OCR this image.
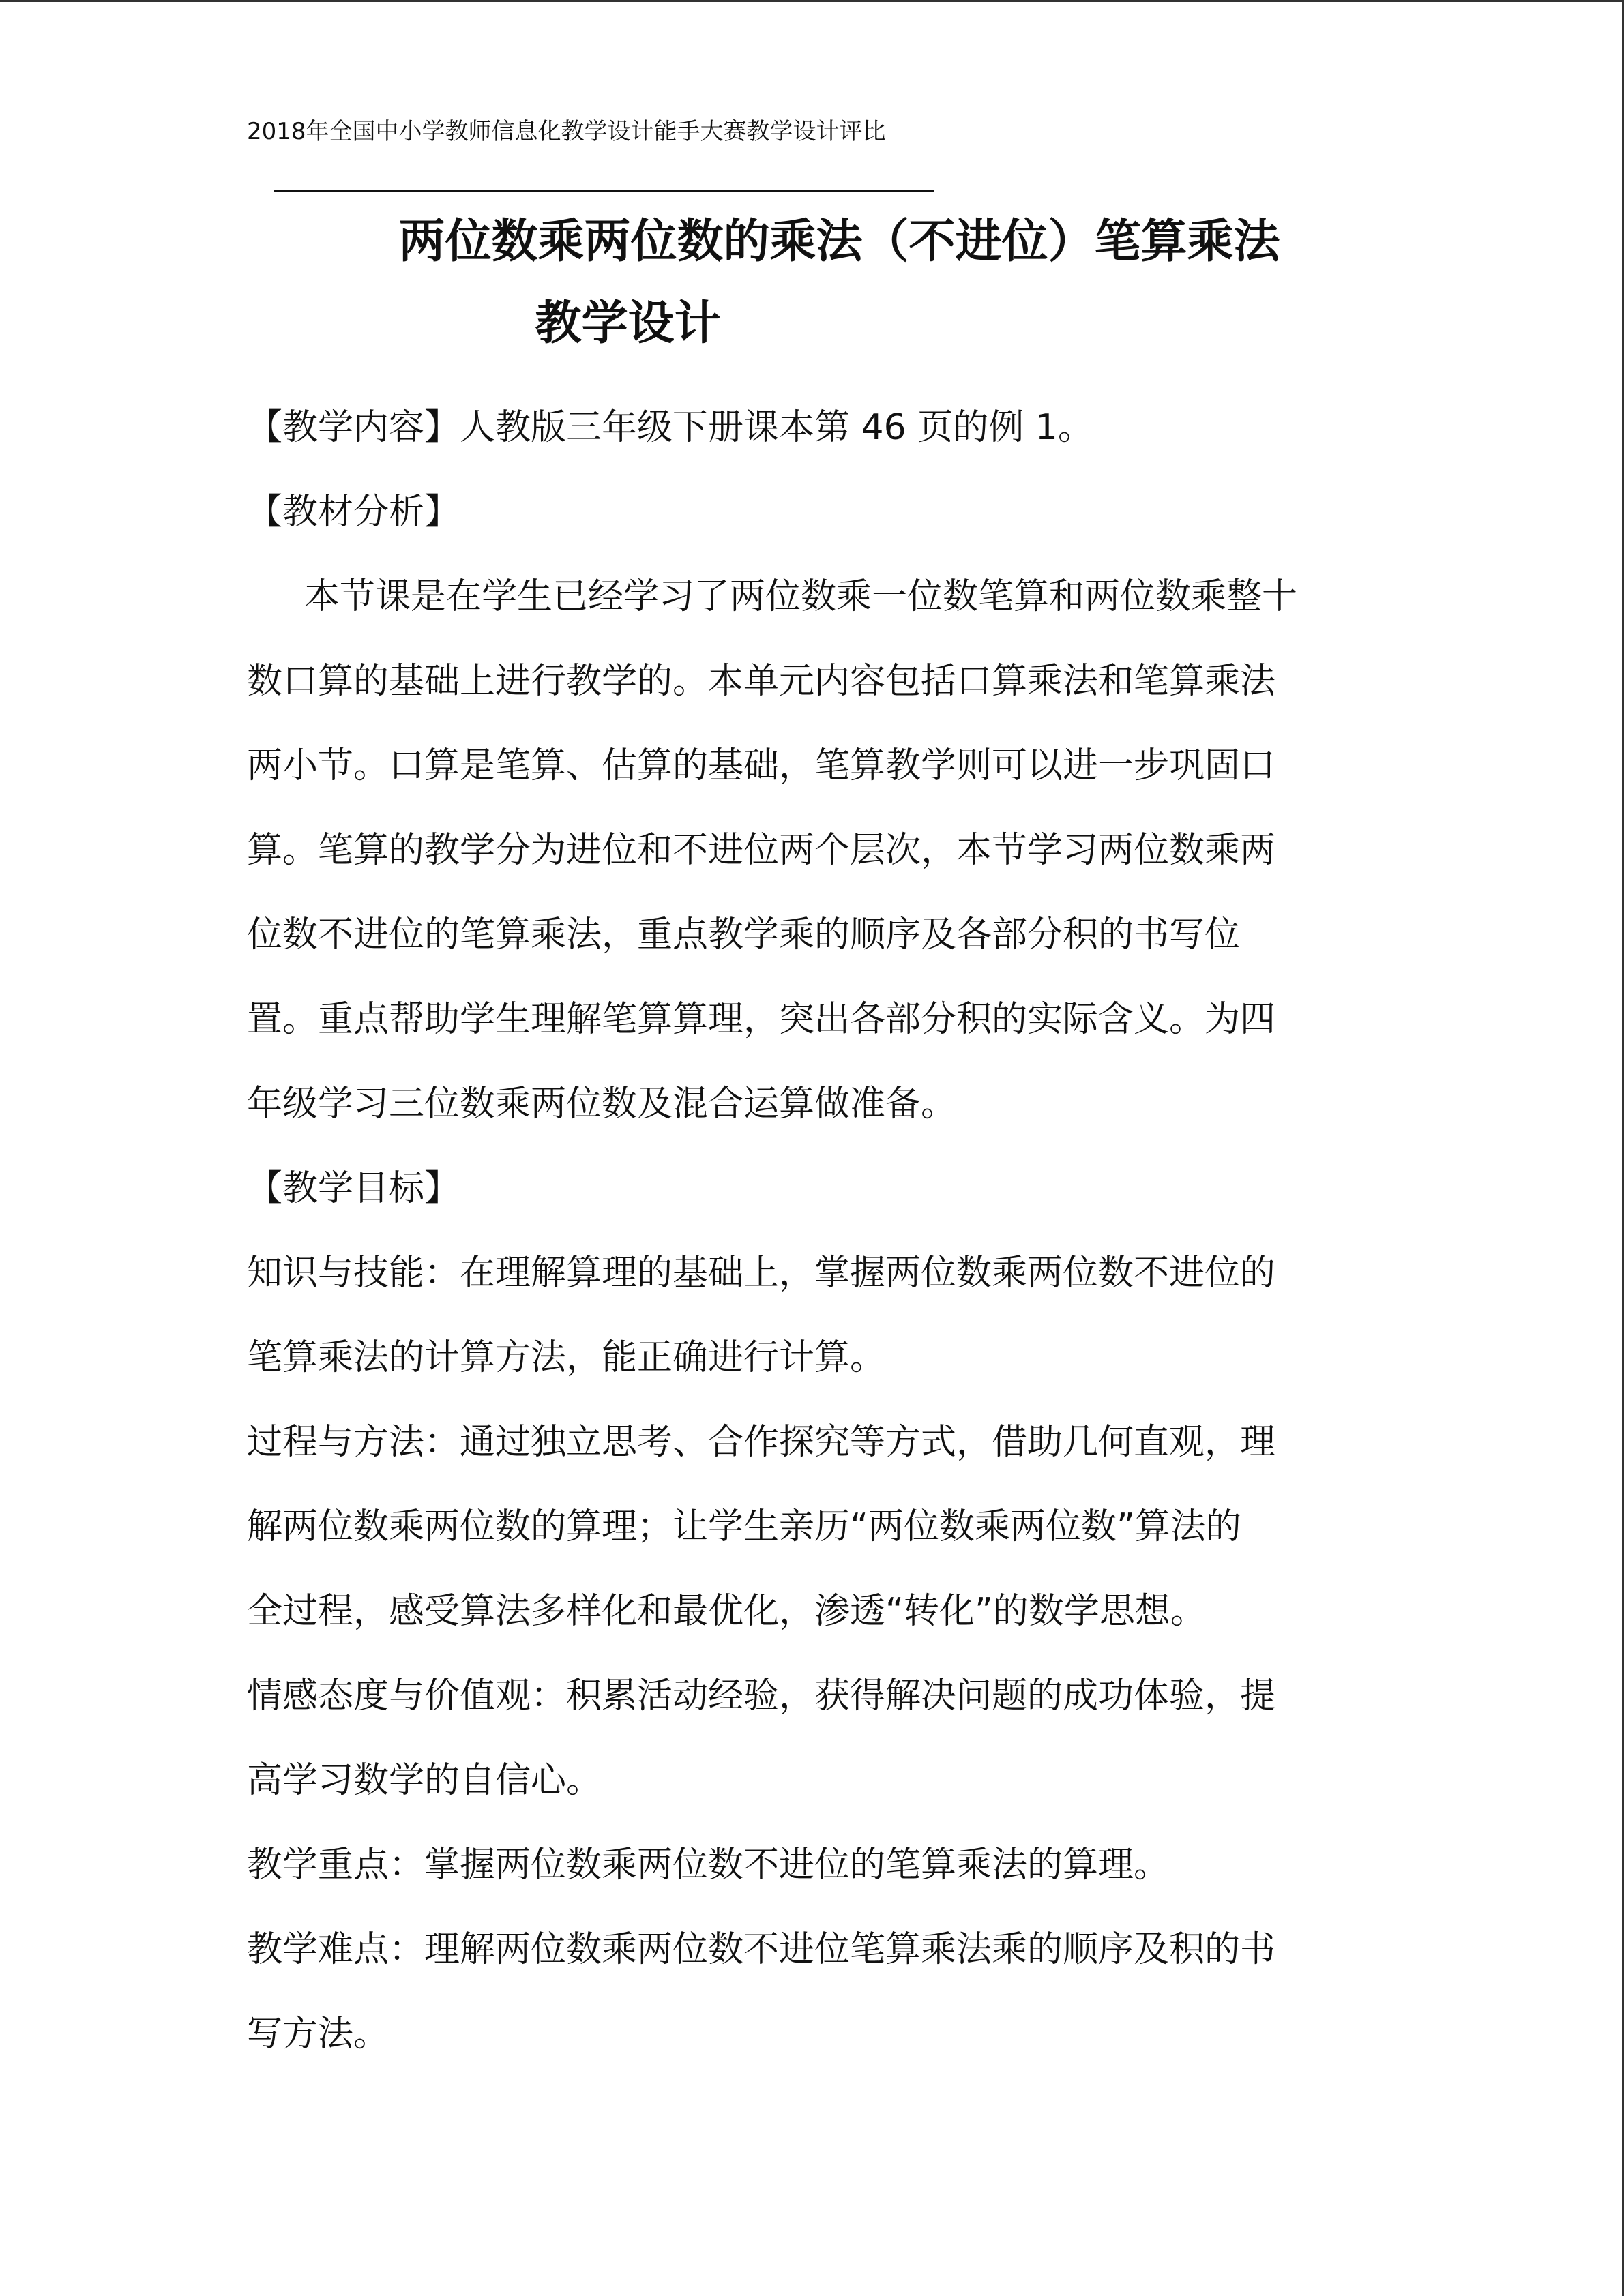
2018年全国中小学教师信息化教学设计能手大赛教学设计评比
两位数乘两位数的乘法（不进位）笔算乘法
教学设计
【教学内容】人教版三年级下册课本第 46 页的例 1。
【教材分析】
本节课是在学生已经学习了两位数乘一位数笔算和两位数乘整十
数口算的基础上进行教学的。本单元内容包括口算乘法和笔算乘法
两小节。口算是笔算、估算的基础，笔算教学则可以进一步巩固口
算。笔算的教学分为进位和不进位两个层次，本节学习两位数乘两
位数不进位的笔算乘法，重点教学乘的顺序及各部分积的书写位
置。重点帮助学生理解笔算算理，突出各部分积的实际含义。为四
年级学习三位数乘两位数及混合运算做准备。
【教学目标】
知识与技能：在理解算理的基础上，掌握两位数乘两位数不进位的
笔算乘法的计算方法，能正确进行计算。
过程与方法：通过独立思考、合作探究等方式，借助几何直观，理
解两位数乘两位数的算理；让学生亲历“两位数乘两位数”算法的
全过程，感受算法多样化和最优化，渗透“转化”的数学思想。
情感态度与价值观：积累活动经验，获得解决问题的成功体验，提
高学习数学的自信心。
教学重点：掌握两位数乘两位数不进位的笔算乘法的算理。
教学难点：理解两位数乘两位数不进位笔算乘法乘的顺序及积的书
写方法。
